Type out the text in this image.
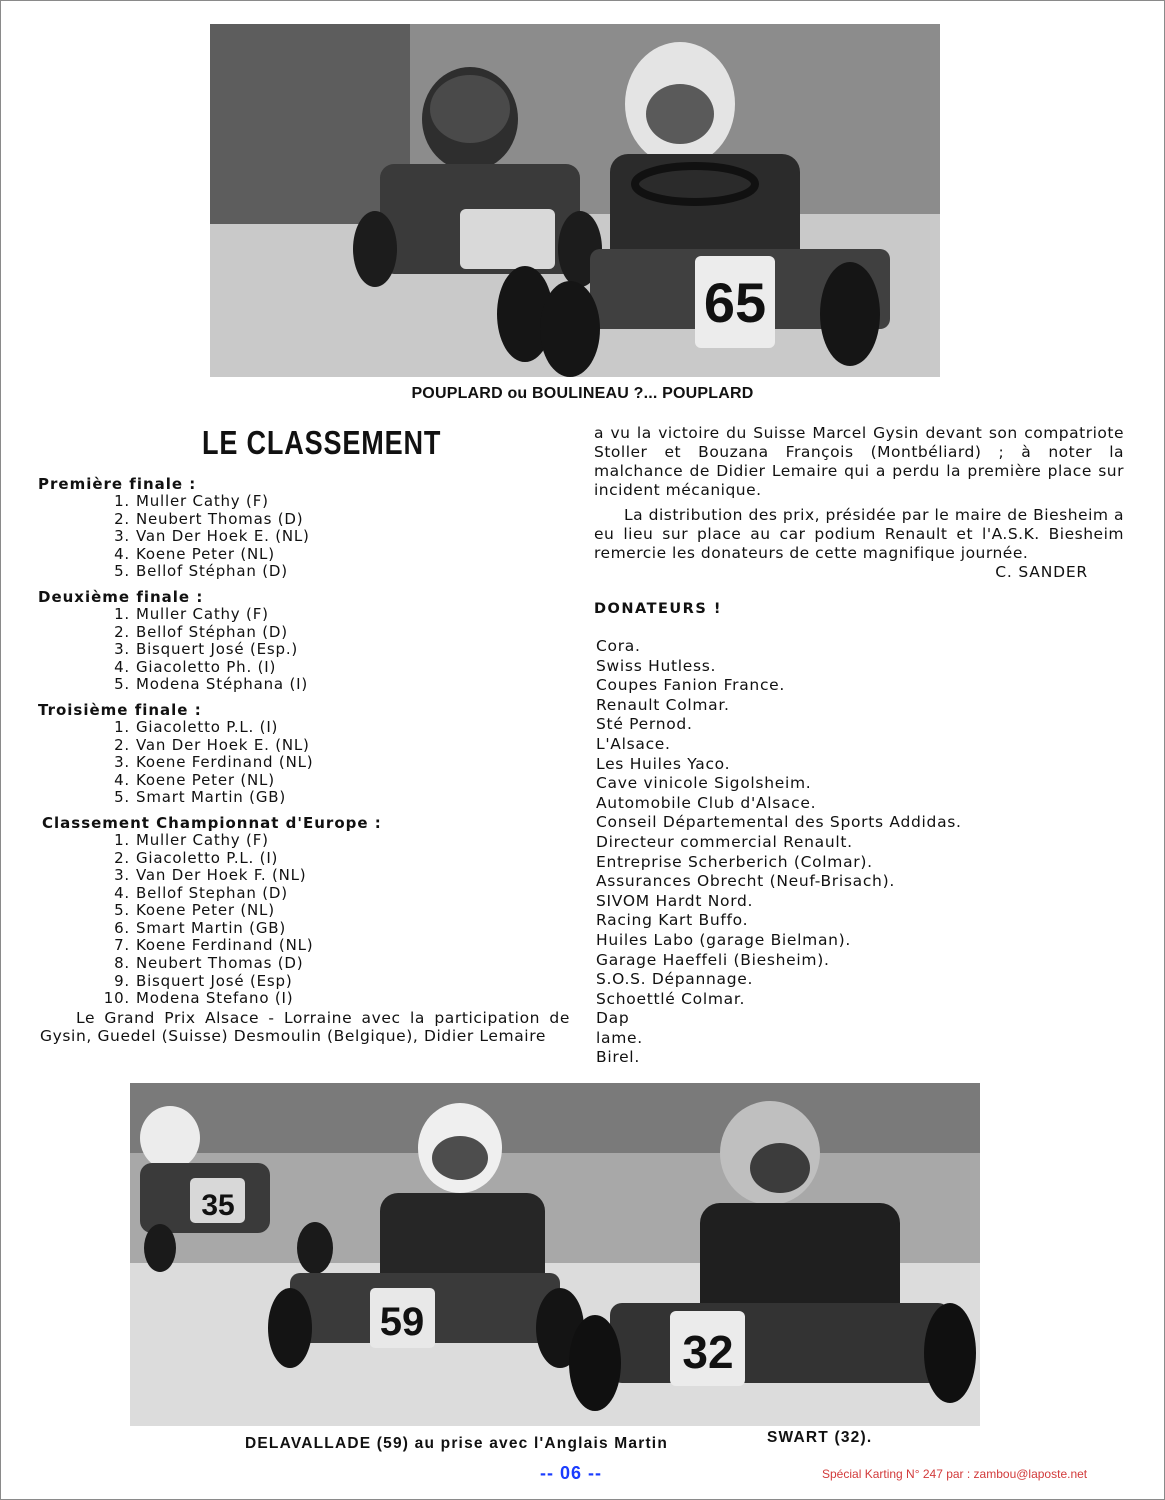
65
POUPLARD ou BOULINEAU ?... POUPLARD
LE CLASSEMENT
Première finale :
1. Muller Cathy (F)
2. Neubert Thomas (D)
3. Van Der Hoek E. (NL)
4. Koene Peter (NL)
5. Bellof Stéphan (D)
Deuxième finale :
1. Muller Cathy (F)
2. Bellof Stéphan (D)
3. Bisquert José (Esp.)
4. Giacoletto Ph. (I)
5. Modena Stéphana (I)
Troisième finale :
1. Giacoletto P.L. (I)
2. Van Der Hoek E. (NL)
3. Koene Ferdinand (NL)
4. Koene Peter (NL)
5. Smart Martin (GB)
Classement Championnat d'Europe :
1. Muller Cathy (F)
2. Giacoletto P.L. (I)
3. Van Der Hoek F. (NL)
4. Bellof Stephan (D)
5. Koene Peter (NL)
6. Smart Martin (GB)
7. Koene Ferdinand (NL)
8. Neubert Thomas (D)
9. Bisquert José (Esp)
10. Modena Stefano (I)
Le Grand Prix Alsace - Lorraine avec la participation de Gysin, Guedel (Suisse) Desmoulin (Belgique), Didier Lemaire

a vu la victoire du Suisse Marcel Gysin devant son compatriote Stoller et Bouzana François (Montbéliard) ; à noter la malchance de Didier Lemaire qui a perdu la première place sur incident mécanique.

La distribution des prix, présidée par le maire de Biesheim a eu lieu sur place au car podium Renault et l'A.S.K. Biesheim remercie les donateurs de cette magnifique journée.

C. SANDER
DONATEURS !
Cora.
Swiss Hutless.
Coupes Fanion France.
Renault Colmar.
Sté Pernod.
L'Alsace.
Les Huiles Yaco.
Cave vinicole Sigolsheim.
Automobile Club d'Alsace.
Conseil Départemental des Sports Addidas.
Directeur commercial Renault.
Entreprise Scherberich (Colmar).
Assurances Obrecht (Neuf-Brisach).
SIVOM Hardt Nord.
Racing Kart Buffo.
Huiles Labo (garage Bielman).
Garage Haeffeli (Biesheim).
S.O.S. Dépannage.
Schoettlé Colmar.
Dap
lame.
Birel.
35
59
32
DELAVALLADE (59) au prise avec l'Anglais Martin	SWART (32).
-- 06 --	Spécial Karting N° 247 par : zambou@laposte.net
